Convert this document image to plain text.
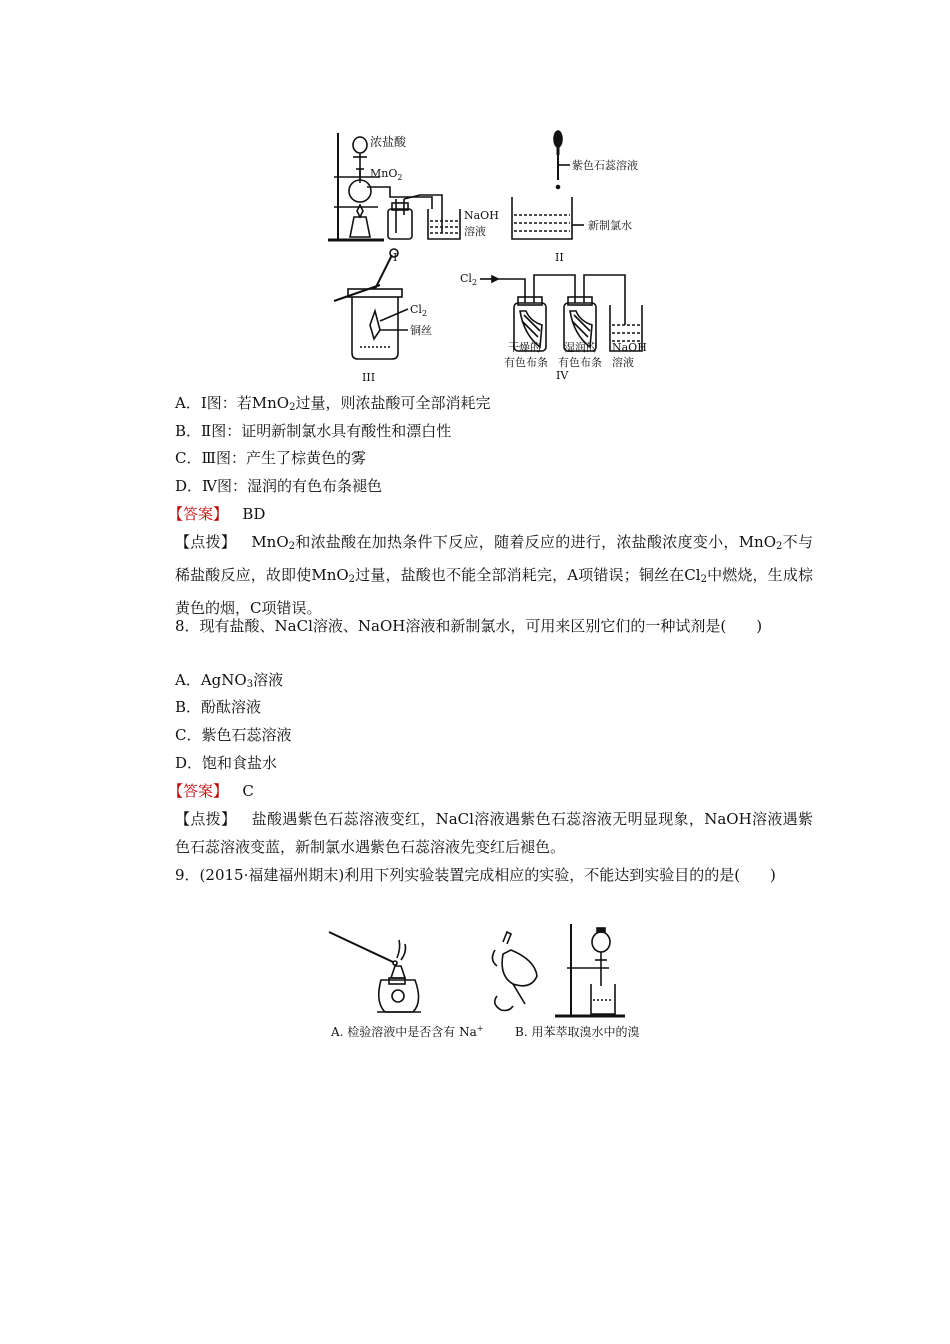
浓盐酸
MnO$_2$
NaOH
溶液
I
紫色石蕊溶液
新制氯水
II
$Cl_2$
铜丝
III
$Cl_2$
干燥的
有色布条
湿润的
有色布条
NaOH
溶液
IV
A．Ⅰ图：若MnO$_2$过量，则浓盐酸可全部消耗完
B．Ⅱ图：证明新制氯水具有酸性和漂白性
C．Ⅲ图：产生了棕黄色的雾
D．Ⅳ图：湿润的有色布条褪色
【答案】 BD
【点拨】 MnO$_2$和浓盐酸在加热条件下反应，随着反应的进行，浓盐酸浓度变小，MnO$_2$不与稀盐酸反应，故即使MnO$_2$过量，盐酸也不能全部消耗完，A项错误；铜丝在$Cl_2$中燃烧，生成棕黄色的烟，C项错误。
8．现有盐酸、NaCl溶液、NaOH溶液和新制氯水，可用来区别它们的一种试剂是(　　)
A．AgNO$_3$溶液
B．酚酞溶液
C．紫色石蕊溶液
D．饱和食盐水
【答案】 C
【点拨】 盐酸遇紫色石蕊溶液变红，NaCl溶液遇紫色石蕊溶液无明显现象，NaOH溶液遇紫色石蕊溶液变蓝，新制氯水遇紫色石蕊溶液先变红后褪色。
9．(2015·福建福州期末)利用下列实验装置完成相应的实验，不能达到实验目的的是(　　)
A. 检验溶液中是否含有 Na+	B. 用苯萃取溴水中的溴
